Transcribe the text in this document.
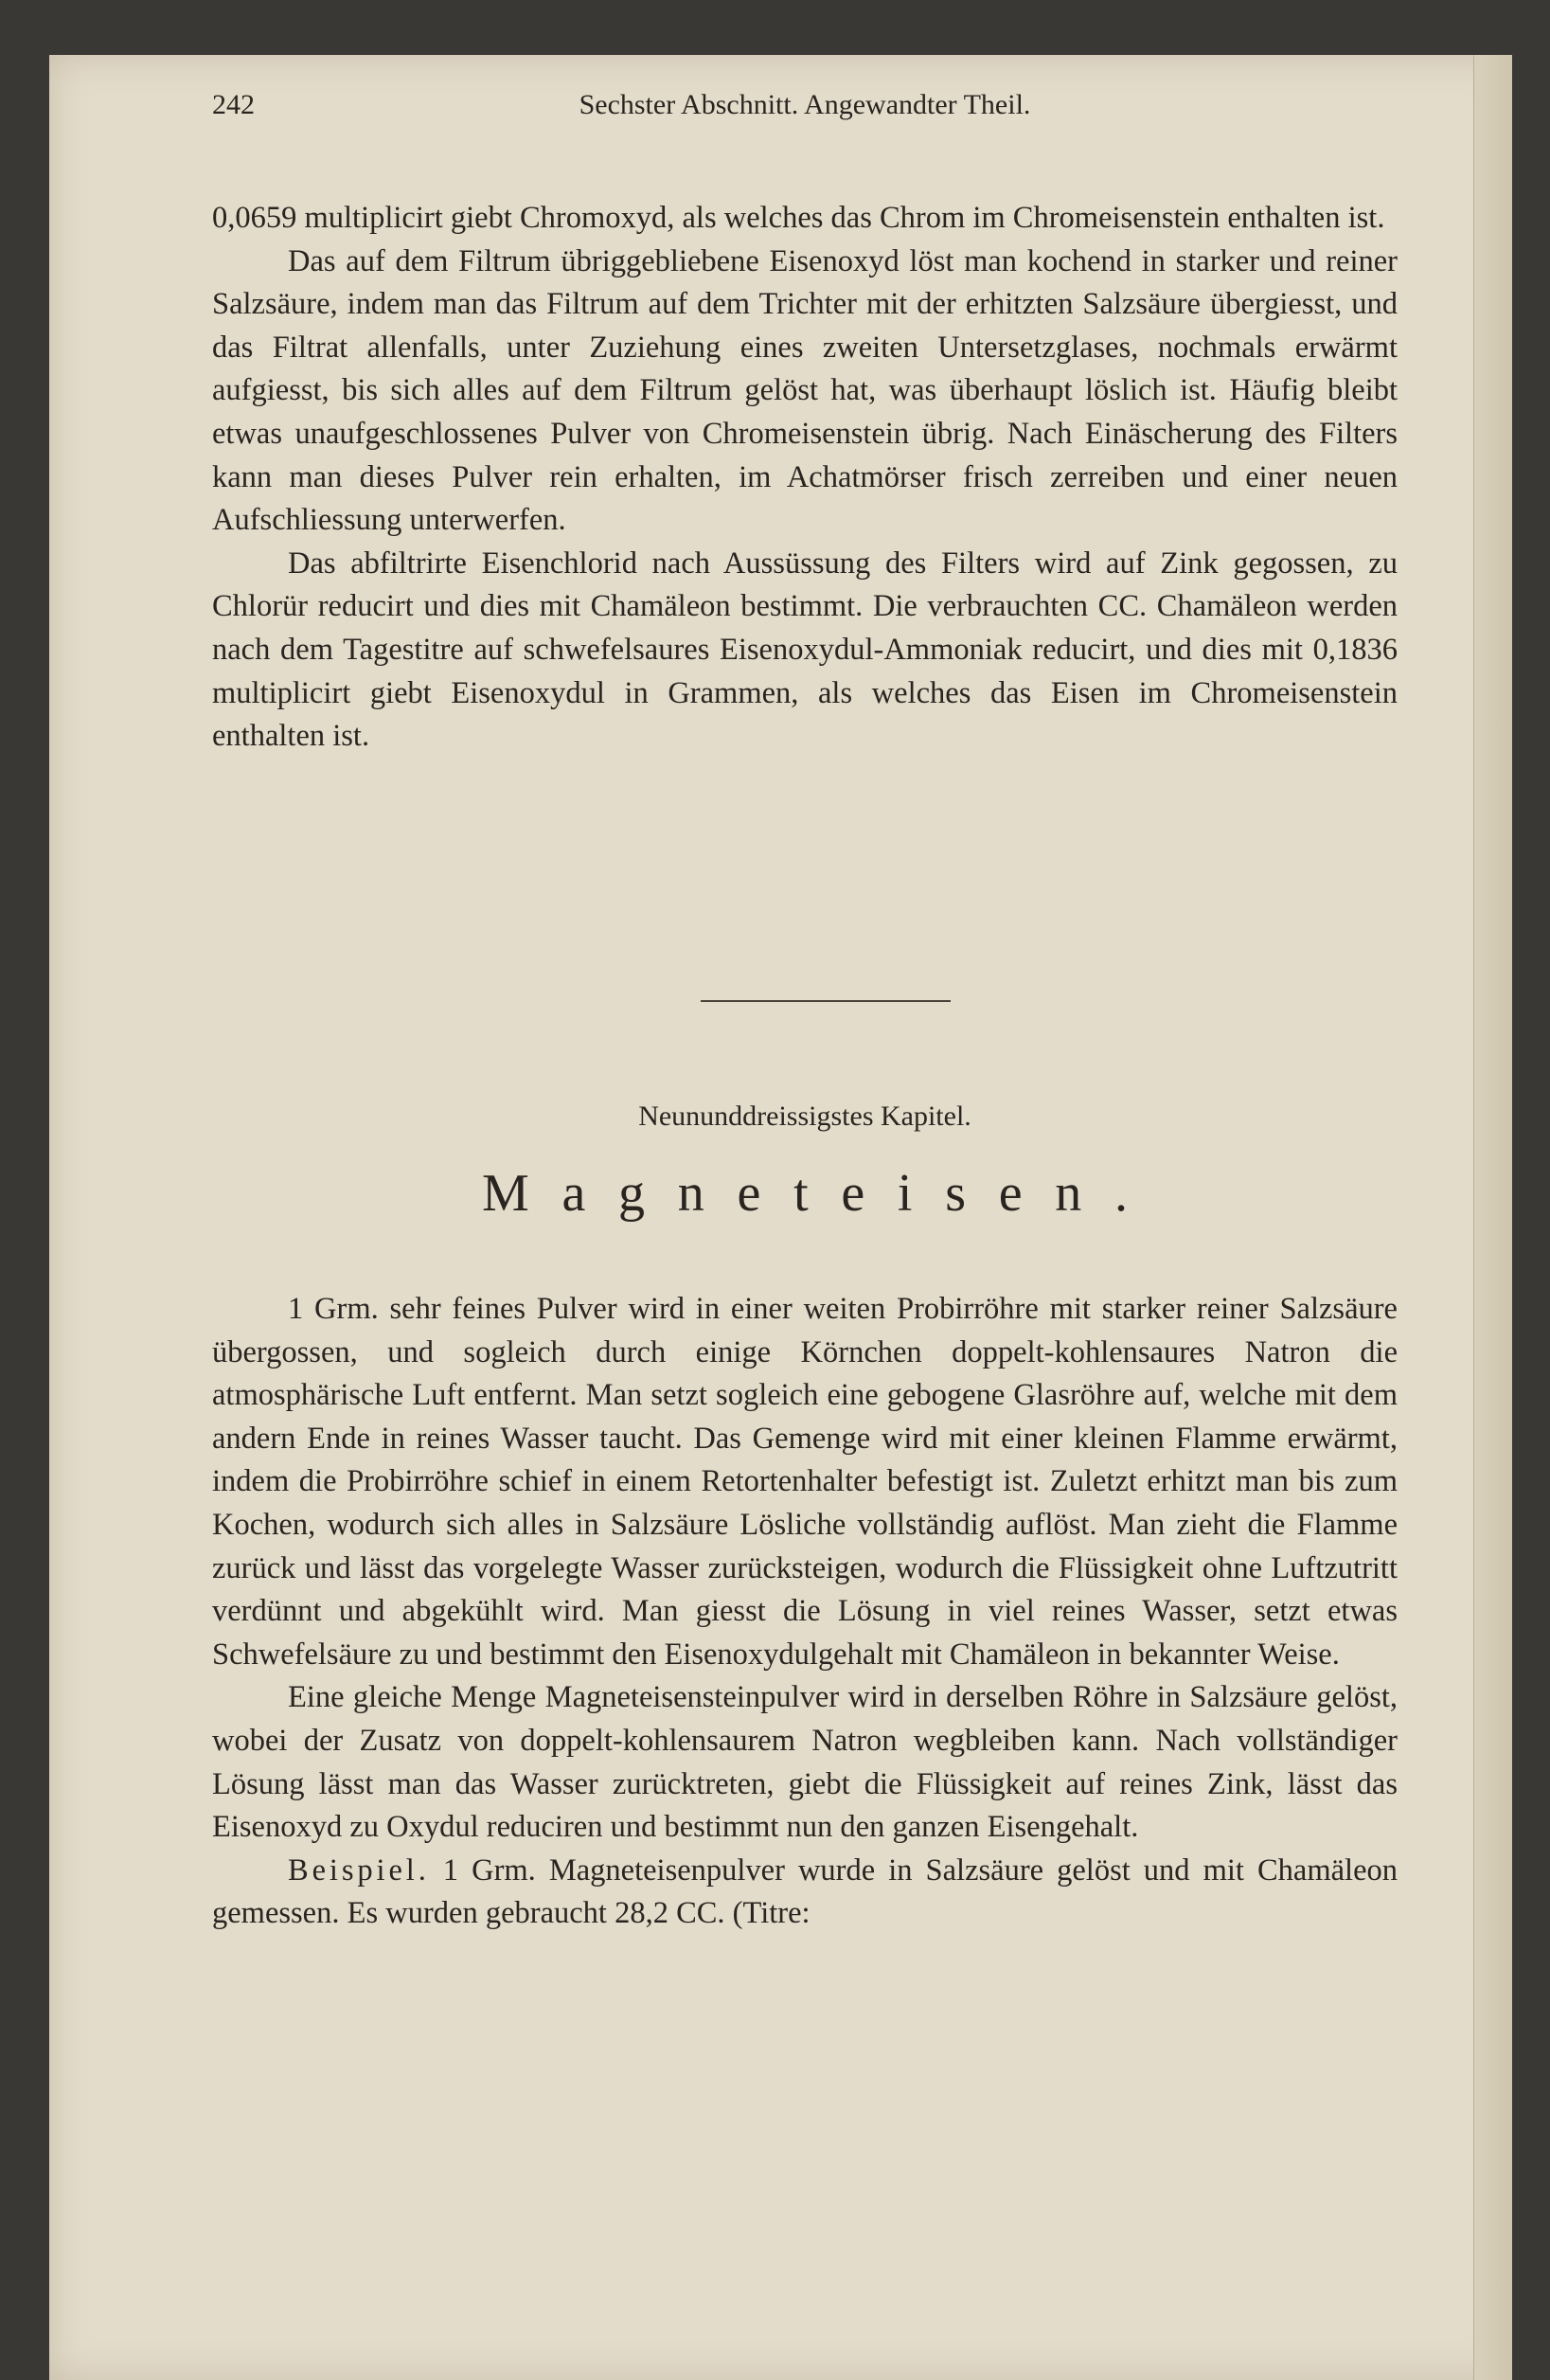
242	Sechster Abschnitt. Angewandter Theil.

0,0659 multiplicirt giebt Chromoxyd, als welches das Chrom im Chromeisenstein enthalten ist.

Das auf dem Filtrum übriggebliebene Eisenoxyd löst man kochend in starker und reiner Salzsäure, indem man das Filtrum auf dem Trichter mit der erhitzten Salzsäure übergiesst, und das Filtrat allenfalls, unter Zuziehung eines zweiten Untersetzglases, nochmals erwärmt aufgiesst, bis sich alles auf dem Filtrum gelöst hat, was überhaupt löslich ist. Häufig bleibt etwas unaufgeschlossenes Pulver von Chromeisenstein übrig. Nach Einäscherung des Filters kann man dieses Pulver rein erhalten, im Achatmörser frisch zerreiben und einer neuen Aufschliessung unterwerfen.

Das abfiltrirte Eisenchlorid nach Aussüssung des Filters wird auf Zink gegossen, zu Chlorür reducirt und dies mit Chamäleon bestimmt. Die verbrauchten CC. Chamäleon werden nach dem Tagestitre auf schwefelsaures Eisenoxydul-Ammoniak reducirt, und dies mit 0,1836 multiplicirt giebt Eisenoxydul in Grammen, als welches das Eisen im Chromeisenstein enthalten ist.

Neununddreissigstes Kapitel.
Magneteisen.

1 Grm. sehr feines Pulver wird in einer weiten Probirröhre mit starker reiner Salzsäure übergossen, und sogleich durch einige Körnchen doppelt-kohlensaures Natron die atmosphärische Luft entfernt. Man setzt sogleich eine gebogene Glasröhre auf, welche mit dem andern Ende in reines Wasser taucht. Das Gemenge wird mit einer kleinen Flamme erwärmt, indem die Probirröhre schief in einem Retortenhalter befestigt ist. Zuletzt erhitzt man bis zum Kochen, wodurch sich alles in Salzsäure Lösliche vollständig auflöst. Man zieht die Flamme zurück und lässt das vorgelegte Wasser zurücksteigen, wodurch die Flüssigkeit ohne Luftzutritt verdünnt und abgekühlt wird. Man giesst die Lösung in viel reines Wasser, setzt etwas Schwefelsäure zu und bestimmt den Eisenoxydulgehalt mit Chamäleon in bekannter Weise.

Eine gleiche Menge Magneteisensteinpulver wird in derselben Röhre in Salzsäure gelöst, wobei der Zusatz von doppelt-kohlensaurem Natron wegbleiben kann. Nach vollständiger Lösung lässt man das Wasser zurücktreten, giebt die Flüssigkeit auf reines Zink, lässt das Eisenoxyd zu Oxydul reduciren und bestimmt nun den ganzen Eisengehalt.

Beispiel. 1 Grm. Magneteisenpulver wurde in Salzsäure gelöst und mit Chamäleon gemessen. Es wurden gebraucht 28,2 CC. (Titre:
